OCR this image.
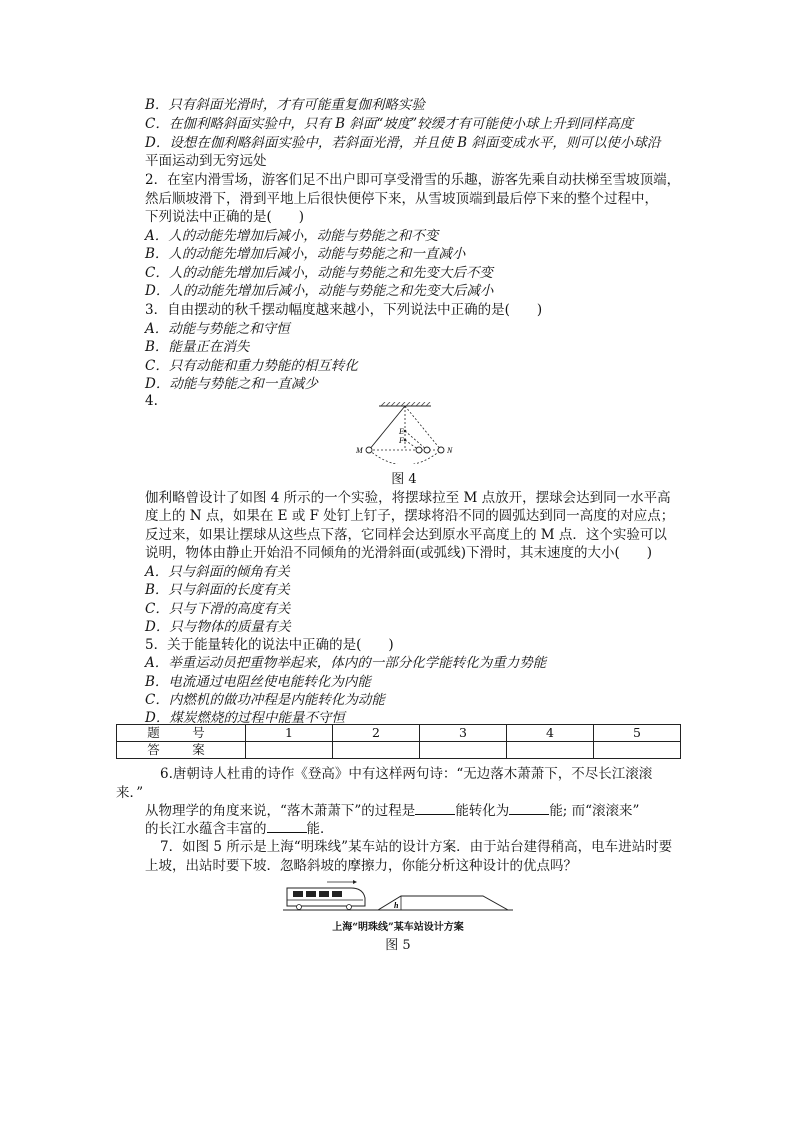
B．只有斜面光滑时，才有可能重复伽利略实验
C．在伽利略斜面实验中，只有 B 斜面“坡度”较缓才有可能使小球上升到同样高度
D．设想在伽利略斜面实验中，若斜面光滑，并且使 B 斜面变成水平，则可以使小球沿
平面运动到无穷远处
2．在室内滑雪场，游客们足不出户即可享受滑雪的乐趣，游客先乘自动扶梯至雪坡顶端，
然后顺坡滑下，滑到平地上后很快便停下来，从雪坡顶端到最后停下来的整个过程中，
下列说法中正确的是(　　)
A．人的动能先增加后减小，动能与势能之和不变
B．人的动能先增加后减小，动能与势能之和一直减小
C．人的动能先增加后减小，动能与势能之和先变大后不变
D．人的动能先增加后减小，动能与势能之和先变大后减小
3．自由摆动的秋千摆动幅度越来越小，下列说法中正确的是(　　)
A．动能与势能之和守恒
B．能量正在消失
C．只有动能和重力势能的相互转化
D．动能与势能之和一直减少
4.
E
F
M	N
图 4
伽利略曾设计了如图 4 所示的一个实验，将摆球拉至 M 点放开，摆球会达到同一水平高
度上的 N 点，如果在 E 或 F 处钉上钉子，摆球将沿不同的圆弧达到同一高度的对应点；
反过来，如果让摆球从这些点下落，它同样会达到原水平高度上的 M 点．这个实验可以
说明，物体由静止开始沿不同倾角的光滑斜面(或弧线)下滑时，其末速度的大小(　　)
A．只与斜面的倾角有关
B．只与斜面的长度有关
C．只与下滑的高度有关
D．只与物体的质量有关
5．关于能量转化的说法中正确的是(　　)
A．举重运动员把重物举起来，体内的一部分化学能转化为重力势能
B．电流通过电阻丝使电能转化为内能
C．内燃机的做功冲程是内能转化为动能
D．煤炭燃烧的过程中能量不守恒
题　号	1	2	3	4	5
答　案					
6.唐朝诗人杜甫的诗作《登高》中有这样两句诗：“无边落木萧萧下，不尽长江滚滚
来．”
从物理学的角度来说，“落木萧萧下”的过程是	能转化为	能; 而“滚滚来”
的长江水蕴含丰富的	能．
7．如图 5 所示是上海“明珠线”某车站的设计方案．由于站台建得稍高，电车进站时要
上坡，出站时要下坡．忽略斜坡的摩擦力，你能分析这种设计的优点吗？
h
上海“明珠线”某车站设计方案
图 5
